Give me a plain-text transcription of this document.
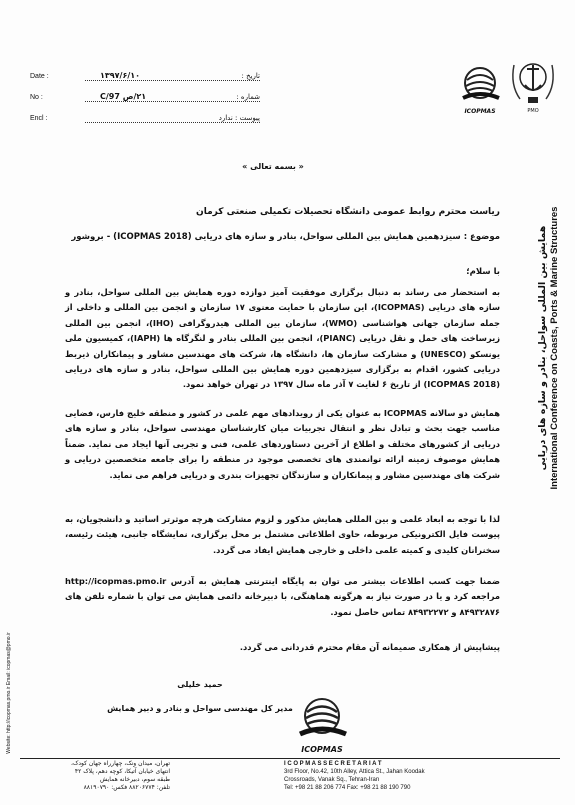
Date :	۱۳۹۷/۶/۱۰	تاريخ :
No :	۲۱/ص C/97	شماره :
Encl :	پیوست : ندارد
ICOPMAS	PMO
همایش بین المللی سواحل، بنادر و سازه های دریایی International Conference on Coasts, Ports & Marine Structures
« بسمه تعالی »
ریاست محترم روابط عمومی دانشگاه تحصیلات تکمیلی صنعتی کرمان
موضوع : سیزدهمین همایش بین المللی سواحل، بنادر و سازه های دریایی (ICOPMAS 2018) - بروشور
با سلام؛
به استحضار می رساند به دنبال برگزاری موفقیت آمیز دوازده دوره همایش بین المللی سواحل، بنادر و سازه های دریایی (ICOPMAS)، این سازمان با حمایت معنوی ۱۷ سازمان و انجمن بین المللی و داخلی از جمله سازمان جهانی هواشناسی (WMO)، سازمان بین المللی هیدروگرافی (IHO)، انجمن بین المللی زیرساخت های حمل و نقل دریایی (PIANC)، انجمن بین المللی بنادر و لنگرگاه ها (IAPH)، کمیسیون ملی یونسکو (UNESCO) و مشارکت سازمان ها، دانشگاه ها، شرکت های مهندسین مشاور و پیمانکاران ذیربط دریایی کشور، اقدام به برگزاری سیزدهمین دوره همایش بین المللی سواحل، بنادر و سازه های دریایی (ICOPMAS 2018) از تاریخ ۶ لغایت ۷ آذر ماه سال ۱۳۹۷ در تهران خواهد نمود.
همایش دو سالانه ICOPMAS به عنوان یکی از رویدادهای مهم علمی در کشور و منطقه خلیج فارس، فضایی مناسب جهت بحث و تبادل نظر و انتقال تجربیات میان کارشناسان مهندسی سواحل، بنادر و سازه های دریایی از کشورهای مختلف و اطلاع از آخرین دستاوردهای علمی، فنی و تجربی آنها ایجاد می نماید. ضمناً همایش موصوف زمینه ارائه توانمندی های تخصصی موجود در منطقه را برای جامعه متخصصین دریایی و شرکت های مهندسین مشاور و پیمانکاران و سازندگان تجهیزات بندری و دریایی فراهم می نماید.
لذا با توجه به ابعاد علمی و بین المللی همایش مذکور و لزوم مشارکت هرچه موثرتر اساتید و دانشجویان، به پیوست فایل الکترونیکی مربوطه، حاوی اطلاعاتی مشتمل بر محل برگزاری، نمایشگاه جانبی، هیئت رئیسه، سخنرانان کلیدی و کمیته علمی داخلی و خارجی همایش ایفاد می گردد.
ضمنا جهت کسب اطلاعات بیشتر می توان به پایگاه اینترنتی همایش به آدرس http://icopmas.pmo.ir مراجعه کرد و یا در صورت نیاز به هرگونه هماهنگی، با دبیرخانه دائمی همایش می توان با شماره تلفن های ۸۴۹۳۲۸۷۶ و ۸۴۹۳۲۲۷۲ تماس حاصل نمود.
پیشاپیش از همکاری صمیمانه آن مقام محترم قدردانی می گردد.
حمید خلیلی
مدیر کل مهندسی سواحل و بنادر و دبیر همایش
ICOPMAS
Website: http://icopmas.pmo.ir Email: icopmas@pmo.ir
تهران، میدان ونک، چهارراه جهان کودک،
انتهای خیابان آتیکا، کوچه دهم، پلاک ۴۲
طبقه سوم، دبیرخانه همایش
تلفن: ۸۸۲۰۶۷۷۴ فکس: ۸۸۱۹۰۷۹۰
I C O P M A S S E C R E T A R I A T
3rd Floor, No.42, 10th Alley, Attica St., Jahan Koodak
Crossroads, Vanak Sq., Tehran-Iran
Tel: +98 21 88 206 774 Fax: +98 21 88 190 790
